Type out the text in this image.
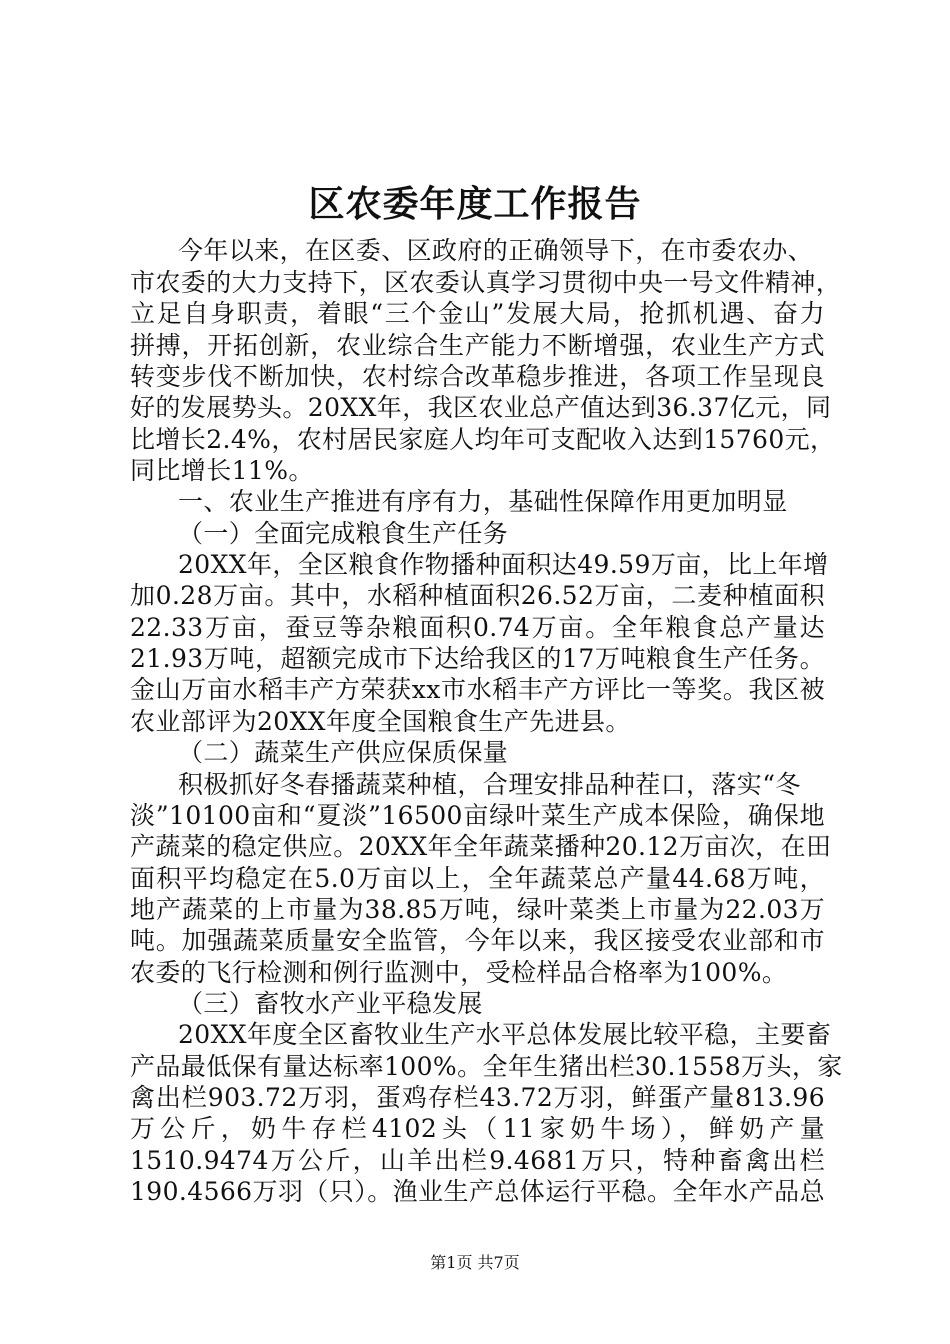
区农委年度工作报告
今年以来，在区委、区政府的正确领导下，在市委农办、
市农委的大力支持下，区农委认真学习贯彻中央一号文件精神，
立足自身职责，着眼“三个金山”发展大局，抢抓机遇、奋力
拼搏，开拓创新，农业综合生产能力不断增强，农业生产方式
转变步伐不断加快，农村综合改革稳步推进，各项工作呈现良
好的发展势头。20XX年，我区农业总产值达到36.37亿元，同
比增长2.4%，农村居民家庭人均年可支配收入达到15760元，
同比增长11%。
一、农业生产推进有序有力，基础性保障作用更加明显
（一）全面完成粮食生产任务
20XX年，全区粮食作物播种面积达49.59万亩，比上年增
加0.28万亩。其中，水稻种植面积26.52万亩，二麦种植面积
22.33万亩，蚕豆等杂粮面积0.74万亩。全年粮食总产量达
21.93万吨，超额完成市下达给我区的17万吨粮食生产任务。
金山万亩水稻丰产方荣获xx市水稻丰产方评比一等奖。我区被
农业部评为20XX年度全国粮食生产先进县。
（二）蔬菜生产供应保质保量
积极抓好冬春播蔬菜种植，合理安排品种茬口，落实“冬
淡”10100亩和“夏淡”16500亩绿叶菜生产成本保险，确保地
产蔬菜的稳定供应。20XX年全年蔬菜播种20.12万亩次，在田
面积平均稳定在5.0万亩以上，全年蔬菜总产量44.68万吨，
地产蔬菜的上市量为38.85万吨，绿叶菜类上市量为22.03万
吨。加强蔬菜质量安全监管，今年以来，我区接受农业部和市
农委的飞行检测和例行监测中，受检样品合格率为100%。
（三）畜牧水产业平稳发展
20XX年度全区畜牧业生产水平总体发展比较平稳，主要畜
产品最低保有量达标率100%。全年生猪出栏30.1558万头，家
禽出栏903.72万羽，蛋鸡存栏43.72万羽，鲜蛋产量813.96
万公斤，奶牛存栏4102头（11家奶牛场），鲜奶产量
1510.9474万公斤，山羊出栏9.4681万只，特种畜禽出栏
190.4566万羽（只）。渔业生产总体运行平稳。全年水产品总
第1页 共7页
